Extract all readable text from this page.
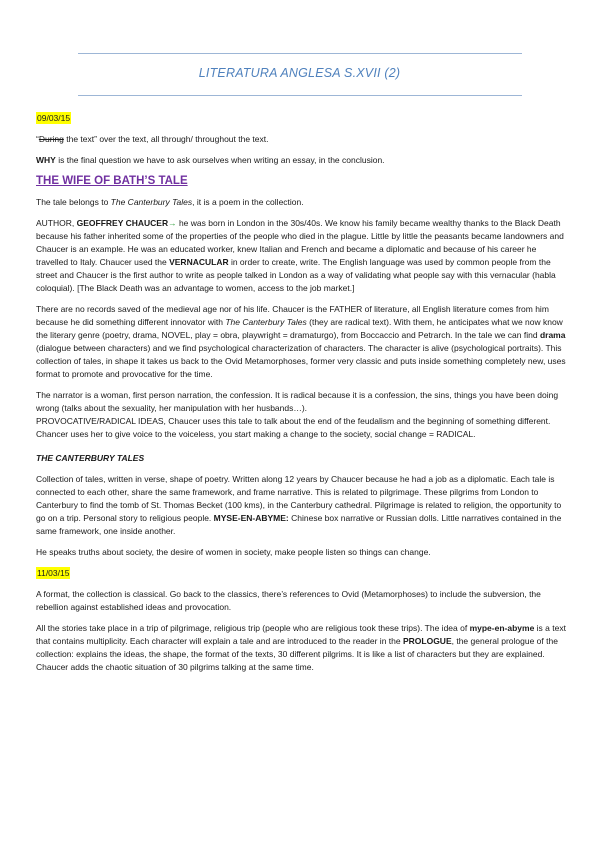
LITERATURA ANGLESA S.XVII (2)

09/03/15

“During the text” over the text, all through/ throughout the text.

WHY is the final question we have to ask ourselves when writing an essay, in the conclusion.

THE WIFE OF BATH’S TALE

The tale belongs to The Canterbury Tales, it is a poem in the collection.

AUTHOR, GEOFFREY CHAUCER→ he was born in London in the 30s/40s. We know his family became wealthy thanks to the Black Death because his father inherited some of the properties of the people who died in the plague. Little by little the peasants became landowners and Chaucer is an example. He was an educated worker, knew Italian and French and became a diplomatic and because of his career he travelled to Italy. Chaucer used the VERNACULAR in order to create, write. The English language was used by common people from the street and Chaucer is the first author to write as people talked in London as a way of validating what people say with this vernacular (habla coloquial). [The Black Death was an advantage to women, access to the job market.]

There are no records saved of the medieval age nor of his life. Chaucer is the FATHER of literature, all English literature comes from him because he did something different innovator with The Canterbury Tales (they are radical text). With them, he anticipates what we now know the literary genre (poetry, drama, NOVEL, play = obra, playwright = dramaturgo), from Boccaccio and Petrarch. In the tale we can find drama (dialogue between characters) and we find psychological characterization of characters. The character is alive (psychological portraits). This collection of tales, in shape it takes us back to the Ovid Metamorphoses, former very classic and puts inside something completely new, uses format to promote and provocative for the time.

The narrator is a woman, first person narration, the confession. It is radical because it is a confession, the sins, things you have been doing wrong (talks about the sexuality, her manipulation with her husbands…).

PROVOCATIVE/RADICAL IDEAS, Chaucer uses this tale to talk about the end of the feudalism and the beginning of something different. Chancer uses her to give voice to the voiceless, you start making a change to the society, social change = RADICAL.

THE CANTERBURY TALES

Collection of tales, written in verse, shape of poetry. Written along 12 years by Chaucer because he had a job as a diplomatic. Each tale is connected to each other, share the same framework, and frame narrative. This is related to pilgrimage. These pilgrims from London to Canterbury to find the tomb of St. Thomas Becket (100 kms), in the Canterbury cathedral. Pilgrimage is related to religion, the opportunity to go on a trip. Personal story to religious people. MYSE-EN-ABYME: Chinese box narrative or Russian dolls. Little narratives contained in the same framework, one inside another.

He speaks truths about society, the desire of women in society, make people listen so things can change.

11/03/15

A format, the collection is classical. Go back to the classics, there’s references to Ovid (Metamorphoses) to include the subversion, the rebellion against established ideas and provocation.

All the stories take place in a trip of pilgrimage, religious trip (people who are religious took these trips). The idea of mype-en-abyme is a text that contains multiplicity. Each character will explain a tale and are introduced to the reader in the PROLOGUE, the general prologue of the collection: explains the ideas, the shape, the format of the texts, 30 different pilgrims. It is like a list of characters but they are explained. Chaucer adds the chaotic situation of 30 pilgrims talking at the same time.
